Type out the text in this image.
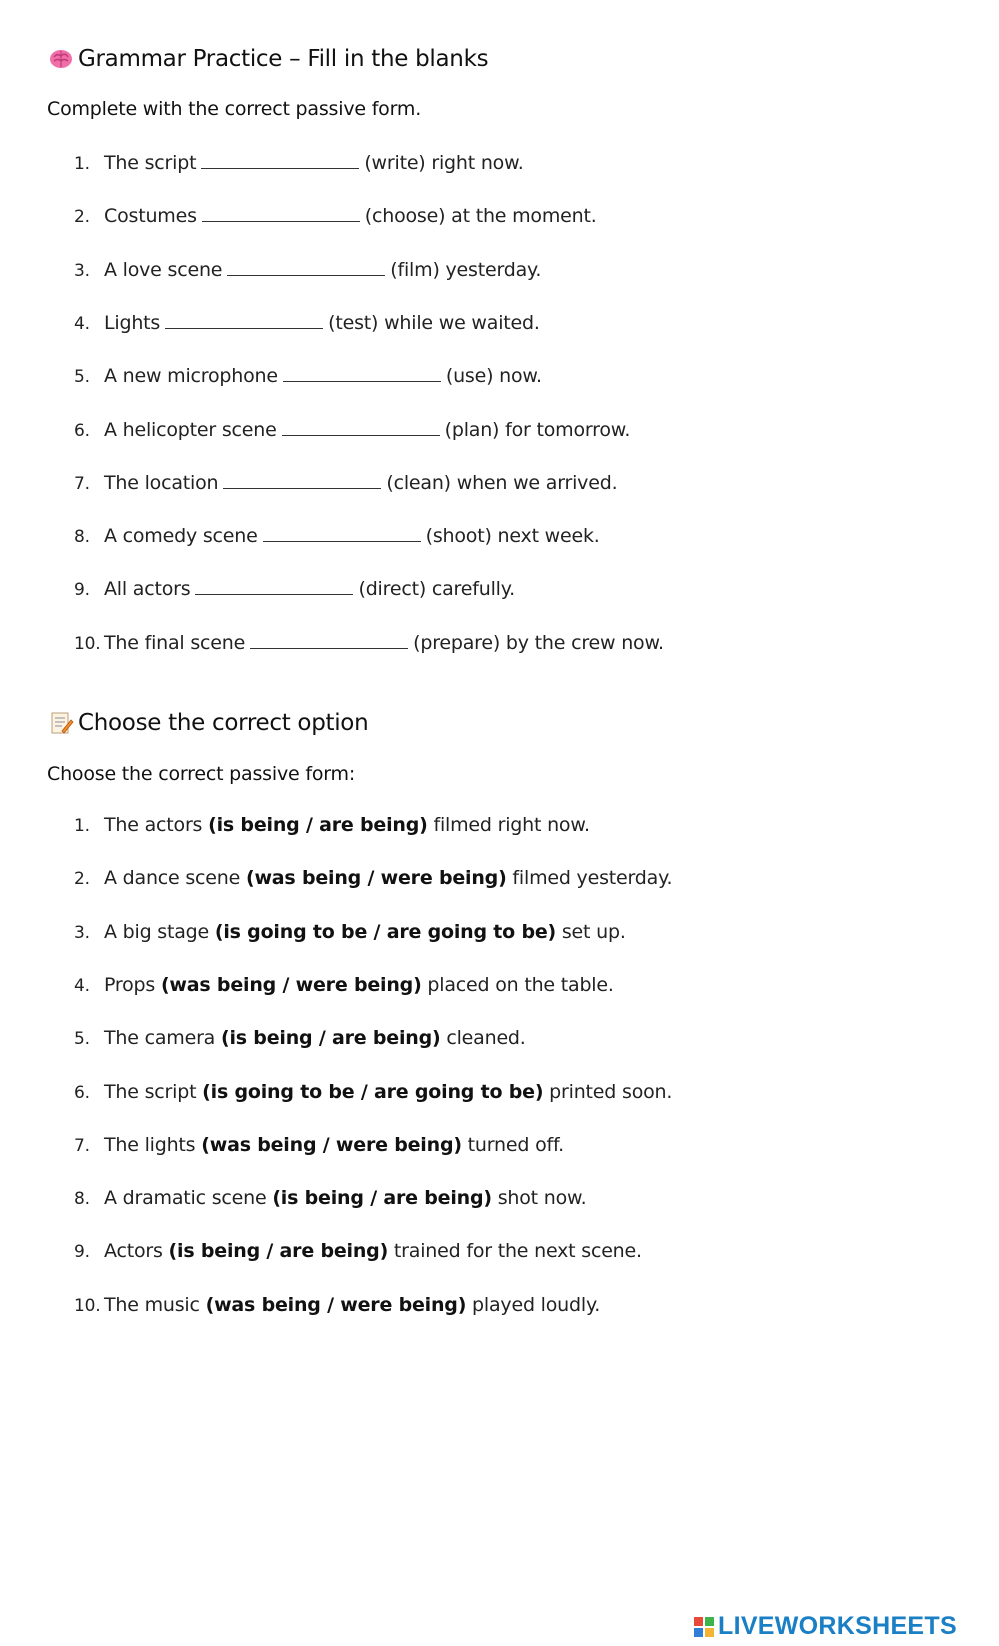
Grammar Practice – Fill in the blanks
Complete with the correct passive form.
1. The script	(write) right now.
2. Costumes	(choose) at the moment.
3. A love scene	(film) yesterday.
4. Lights	(test) while we waited.
5. A new microphone	(use) now.
6. A helicopter scene	(plan) for tomorrow.
7. The location	(clean) when we arrived.
8. A comedy scene	(shoot) next week.
9. All actors	(direct) carefully.
10. The final scene	(prepare) by the crew now.
Choose the correct option
Choose the correct passive form:
1. The actors (is being / are being) filmed right now.
2. A dance scene (was being / were being) filmed yesterday.
3. A big stage (is going to be / are going to be) set up.
4. Props (was being / were being) placed on the table.
5. The camera (is being / are being) cleaned.
6. The script (is going to be / are going to be) printed soon.
7. The lights (was being / were being) turned off.
8. A dramatic scene (is being / are being) shot now.
9. Actors (is being / are being) trained for the next scene.
10. The music (was being / were being) played loudly.
LIVEWORKSHEETS
